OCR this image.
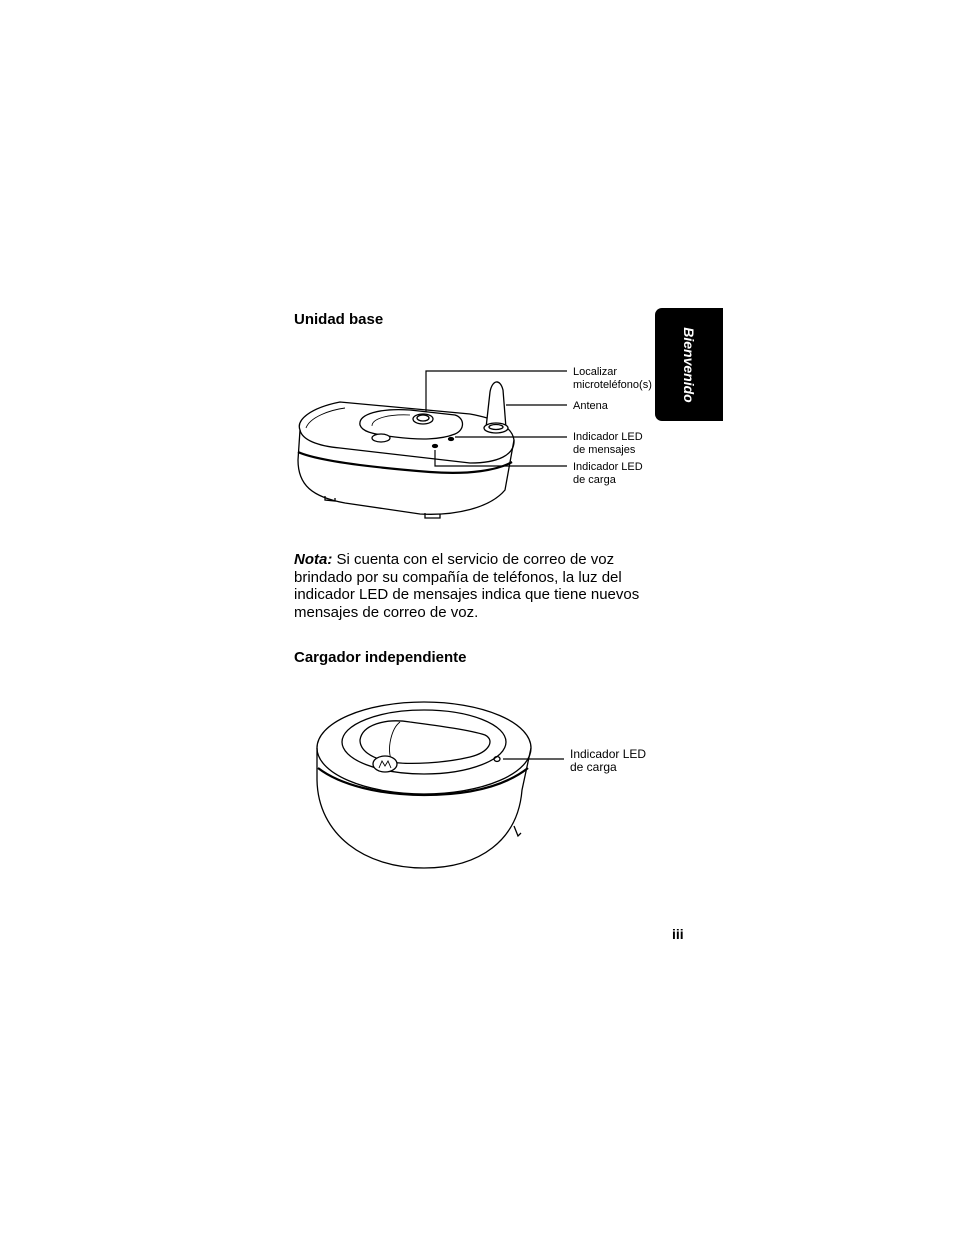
Bienvenido
Unidad base
Localizar
microteléfono(s)
Antena
Indicador LED
de mensajes
Indicador LED
de carga
Nota: Si cuenta con el servicio de correo de voz brindado por su compañía de teléfonos, la luz del indicador LED de mensajes indica que tiene nuevos mensajes de correo de voz.
Cargador independiente
Indicador LED
de carga
iii
